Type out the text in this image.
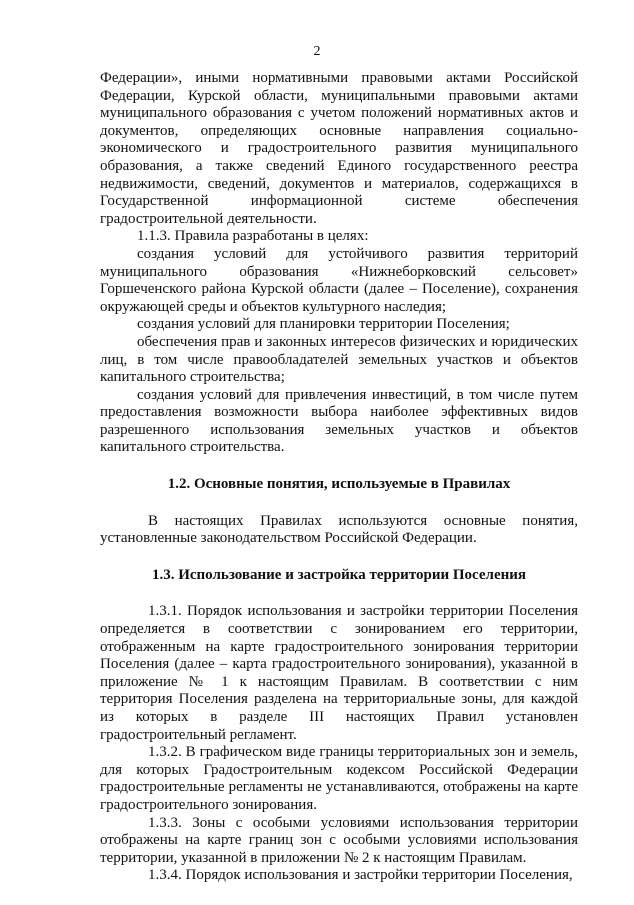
2

Федерации», иными нормативными правовыми актами Российской Федерации, Курской области, муниципальными правовыми актами муниципального образования с учетом положений нормативных актов и документов, определяющих основные направления социально-экономического и градостроительного развития муниципального образования, а также сведений Единого государственного реестра недвижимости, сведений, документов и материалов, содержащихся в Государственной информационной системе обеспечения градостроительной деятельности.

1.1.3. Правила разработаны в целях:

создания условий для устойчивого развития территорий муниципального образования «Нижнеборковский сельсовет» Горшеченского района Курской области (далее – Поселение), сохранения окружающей среды и объектов культурного наследия;

создания условий для планировки территории Поселения;

обеспечения прав и законных интересов физических и юридических лиц, в том числе правообладателей земельных участков и объектов капитального строительства;

создания условий для привлечения инвестиций, в том числе путем предоставления возможности выбора наиболее эффективных видов разрешенного использования земельных участков и объектов капитального строительства.

1.2. Основные понятия, используемые в Правилах

В настоящих Правилах используются основные понятия, установленные законодательством Российской Федерации.

1.3. Использование и застройка территории Поселения

1.3.1. Порядок использования и застройки территории Поселения определяется в соответствии с зонированием его территории, отображенным на карте градостроительного зонирования территории Поселения (далее – карта градостроительного зонирования), указанной в приложение № 1 к настоящим Правилам. В соответствии с ним территория Поселения разделена на территориальные зоны, для каждой из которых в разделе III настоящих Правил установлен градостроительный регламент.

1.3.2. В графическом виде границы территориальных зон и земель, для которых Градостроительным кодексом Российской Федерации градостроительные регламенты не устанавливаются, отображены на карте градостроительного зонирования.

1.3.3. Зоны с особыми условиями использования территории отображены на карте границ зон с особыми условиями использования территории, указанной в приложении № 2 к настоящим Правилам.

1.3.4. Порядок использования и застройки территории Поселения,
